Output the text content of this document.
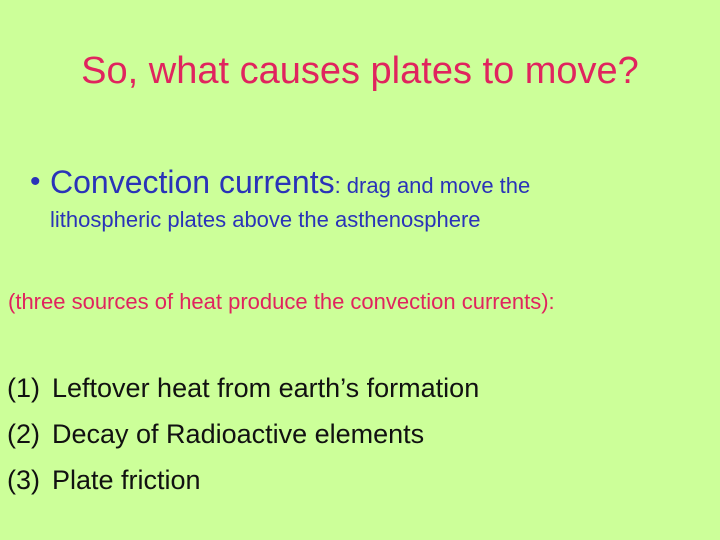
So, what causes plates to move?
• Convection currents: drag and move the
lithospheric plates above the asthenosphere
(three sources of heat produce the convection currents):
(1) Leftover heat from earth’s formation
(2) Decay of Radioactive elements
(3) Plate friction
